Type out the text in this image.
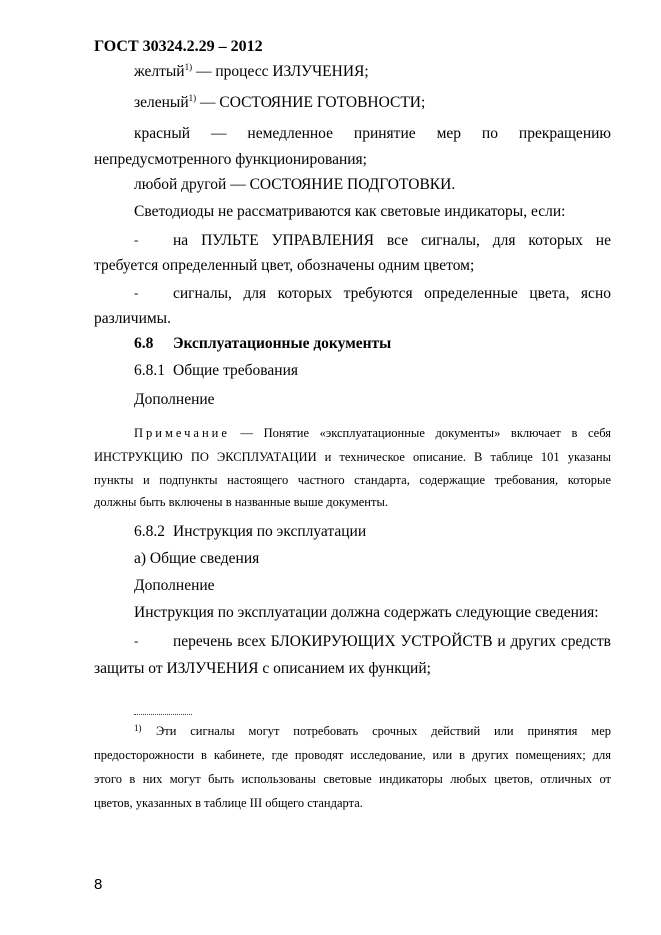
ГОСТ 30324.2.29 – 2012
желтый$^{1)}$ — процесс ИЗЛУЧЕНИЯ;
зеленый$^{1)}$ — СОСТОЯНИЕ ГОТОВНОСТИ;
красный — немедленное принятие мер по прекращению
непредусмотренного функционирования;
любой другой — СОСТОЯНИЕ ПОДГОТОВКИ.
Светодиоды не рассматриваются как световые индикаторы, если:
- на ПУЛЬТЕ УПРАВЛЕНИЯ все сигналы, для которых не
требуется определенный цвет, обозначены одним цветом;
- сигналы, для которых требуются определенные цвета, ясно
различимы.
6.8 Эксплуатационные документы
6.8.1 Общие требования
Дополнение
Примечание — Понятие «эксплуатационные документы» включает в себя
ИНСТРУКЦИЮ ПО ЭКСПЛУАТАЦИИ и техническое описание. В таблице 101 указаны
пункты и подпункты настоящего частного стандарта, содержащие требования, которые
должны быть включены в названные выше документы.
6.8.2 Инструкция по эксплуатации
а) Общие сведения
Дополнение
Инструкция по эксплуатации должна содержать следующие сведения:
- перечень всех БЛОКИРУЮЩИХ УСТРОЙСТВ и других средств
защиты от ИЗЛУЧЕНИЯ с описанием их функций;
1) Эти сигналы могут потребовать срочных действий или принятия мер
предосторожности в кабинете, где проводят исследование, или в других помещениях; для
этого в них могут быть использованы световые индикаторы любых цветов, отличных от
цветов, указанных в таблице III общего стандарта.
8
